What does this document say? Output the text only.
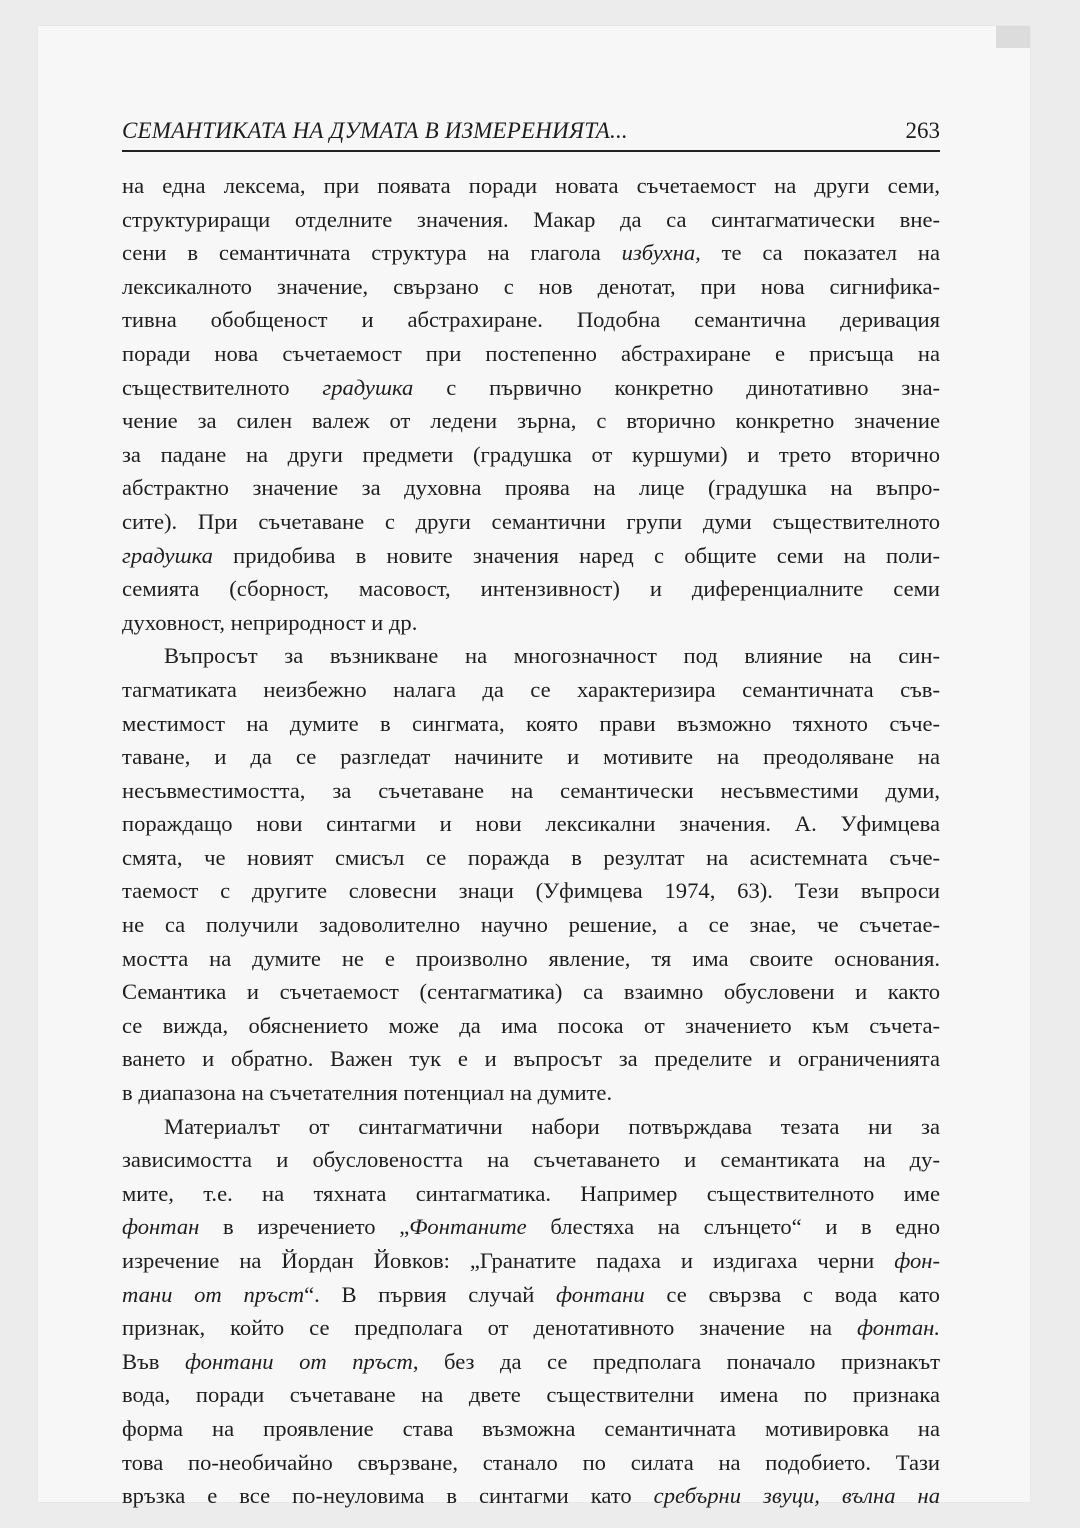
СЕМАНТИКАТА НА ДУМАТА В ИЗМЕРЕНИЯТА...	263
на една лексема, при появата поради новата съчетаемост на други семи,
структуриращи отделните значения. Макар да са синтагматически вне-
сени в семантичната структура на глагола избухна, те са показател на
лексикалното значение, свързано с нов денотат, при нова сигнифика-
тивна обобщеност и абстрахиране. Подобна семантична деривация
поради нова съчетаемост при постепенно абстрахиране е присъща на
съществителното градушка с първично конкретно динотативно зна-
чение за силен валеж от ледени зърна, с вторично конкретно значение
за падане на други предмети (градушка от куршуми) и трето вторично
абстрактно значение за духовна проява на лице (градушка на въпро-
сите). При съчетаване с други семантични групи думи съществителното
градушка придобива в новите значения наред с общите семи на поли-
семията (сборност, масовост, интензивност) и диференциалните семи
духовност, неприродност и др.
Въпросът за възникване на многозначност под влияние на син-
тагматиката неизбежно налага да се характеризира семантичната съв-
местимост на думите в сингмата, която прави възможно тяхното съче-
таване, и да се разгледат начините и мотивите на преодоляване на
несъвместимостта, за съчетаване на семантически несъвместими думи,
пораждащо нови синтагми и нови лексикални значения. А. Уфимцева
смята, че новият смисъл се поражда в резултат на асистемната съче-
таемост с другите словесни знаци (Уфимцева 1974, 63). Тези въпроси
не са получили задоволително научно решение, а се знае, че съчетае-
мостта на думите не е произволно явление, тя има своите основания.
Семантика и съчетаемост (сентагматика) са взаимно обусловени и както
се вижда, обяснението може да има посока от значението към съчета-
ването и обратно. Важен тук е и въпросът за пределите и ограниченията
в диапазона на съчетателния потенциал на думите.
Материалът от синтагматични набори потвърждава тезата ни за
зависимостта и обусловеността на съчетаването и семантиката на ду-
мите, т.е. на тяхната синтагматика. Например съществителното име
фонтан в изречението „Фонтаните блестяха на слънцето“ и в едно
изречение на Йордан Йовков: „Гранатите падаха и издигаха черни фон-
тани от пръст“. В първия случай фонтани се свързва с вода като
признак, който се предполага от денотативното значение на фонтан.
Във фонтани от пръст, без да се предполага поначало признакът
вода, поради съчетаване на двете съществителни имена по признака
форма на проявление става възможна семантичната мотивировка на
това по-необичайно свързване, станало по силата на подобието. Тази
връзка е все по-неуловима в синтагми като сребърни звуци, вълна на
